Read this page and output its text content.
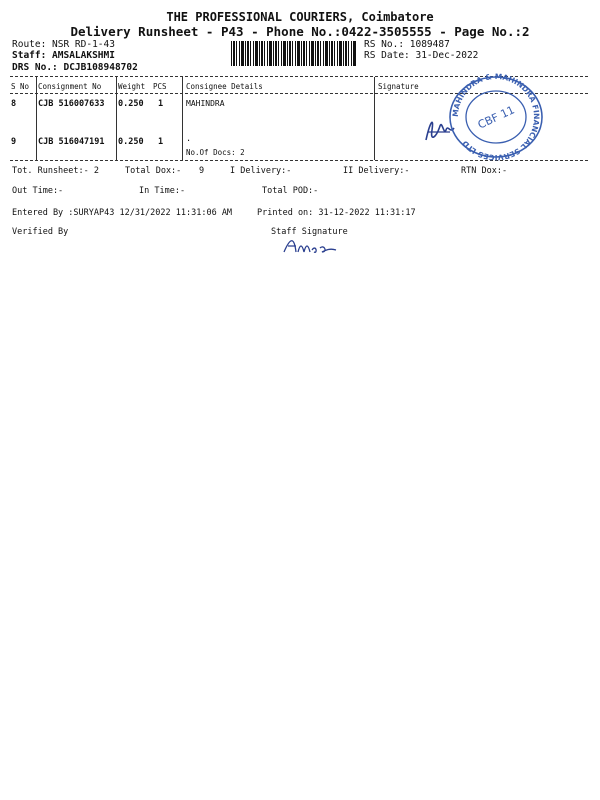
THE PROFESSIONAL COURIERS, Coimbatore
Delivery Runsheet - P43 - Phone No.:0422-3505555 - Page No.:2
Route: NSR RD-1-43
Staff: AMSALAKSHMI
DRS No.: DCJB108948702
RS No.: 1089487
RS Date: 31-Dec-2022
S No Consignment No Weight PCS	Consignee Details	Signature
8	CJB 516007633 0.250 1	MAHINDRA
9	CJB 516047191 0.250 1	.
No.Of Docs: 2
MAHINDRA & MAHINDRA FINANCIAL SERVICES LTD
CBF 11
Tot. Runsheet:- 2	Total Dox:- 9	I Delivery:-	II Delivery:-	RTN Dox:-
Out Time:-	In Time:-	Total POD:-
Entered By :SURYAP43 12/31/2022 11:31:06 AM	Printed on: 31-12-2022 11:31:17
Verified By	Staff Signature
